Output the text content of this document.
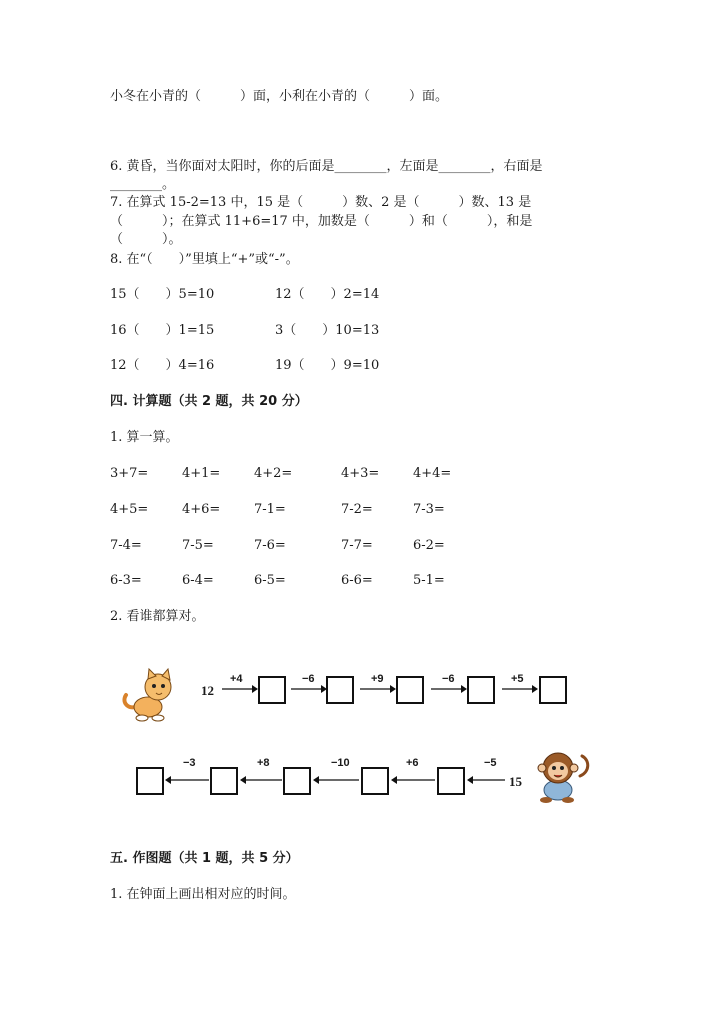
小冬在小青的（　　　）面，小利在小青的（　　　）面。
6. 黄昏，当你面对太阳时，你的后面是________，左面是________，右面是
________。
7. 在算式 15-2=13 中，15 是（　　　）数、2 是（　　　）数、13 是
（　　　）；在算式 11+6=17 中，加数是（　　　）和（　　　），和是
（　　　）。
8. 在“（　　）”里填上“+”或“-”。
15（　　）5=10	12（　　）2=14
16（　　）1=15	3（　　）10=13
12（　　）4=16	19（　　）9=10
四. 计算题（共 2 题，共 20 分）
1. 算一算。
3+7=	4+1=	4+2=	4+3=	4+4=
4+5=	4+6=	7-1=	7-2=	7-3=
7-4=	7-5=	7-6=	7-7=	6-2=
6-3=	6-4=	6-5=	6-6=	5-1=
2. 看谁都算对。
12
+4	−6	+9	−6	+5
−3	+8	−10	+6	−5
15
五. 作图题（共 1 题，共 5 分）
1. 在钟面上画出相对应的时间。
